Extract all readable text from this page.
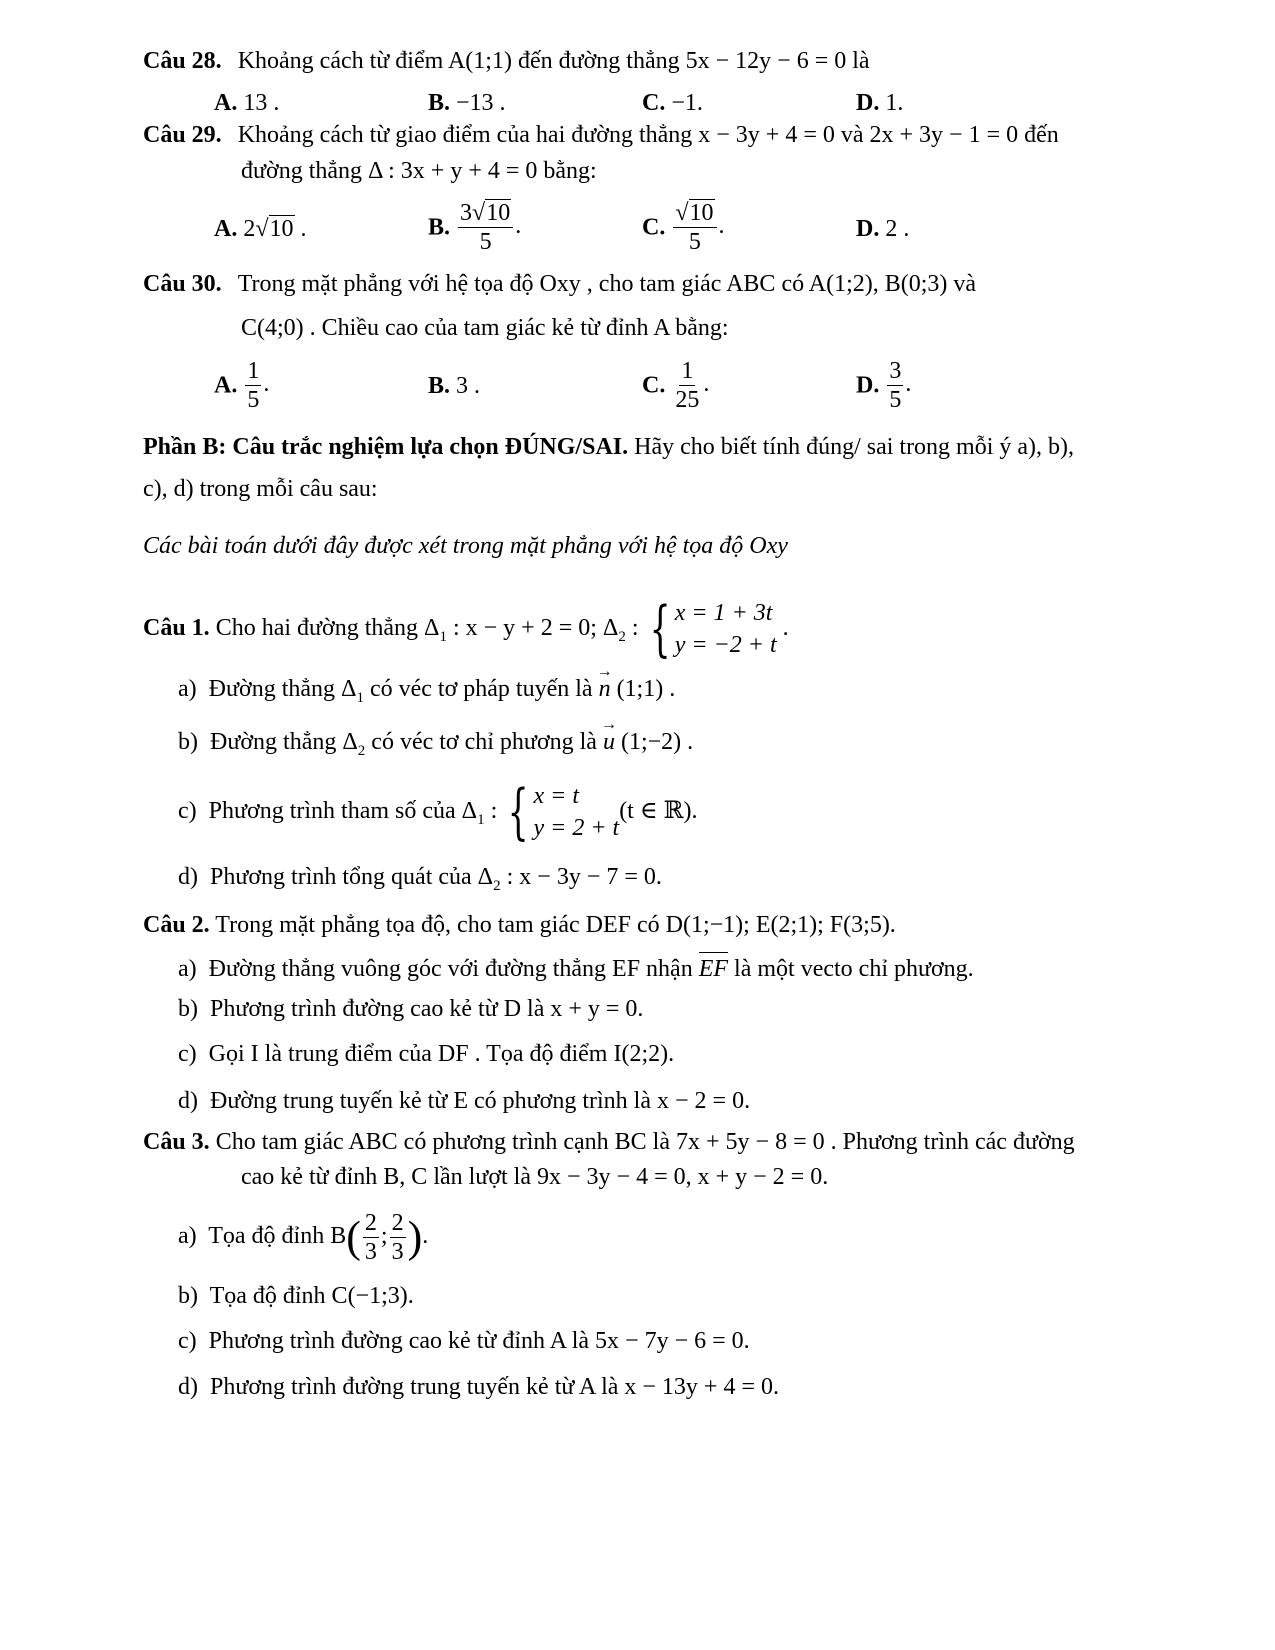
Câu 28. Khoảng cách từ điểm A(1;1) đến đường thẳng 5x − 12y − 6 = 0 là
A. 13 .	B. −13 .	C. −1.	D. 1.
Câu 29. Khoảng cách từ giao điểm của hai đường thẳng x − 3y + 4 = 0 và 2x + 3y − 1 = 0 đến
đường thẳng Δ : 3x + y + 4 = 0 bằng:
A. 2√10 .	B. $\frac{3√10}{5}$ .	C. $\frac{√10}{5}$ .	D. 2 .
Câu 30. Trong mặt phẳng với hệ tọa độ Oxy , cho tam giác ABC có A(1;2), B(0;3) và
C(4;0) . Chiều cao của tam giác kẻ từ đỉnh A bằng:
A. $\frac{1}{5}$ .	B. 3 .	C. $\frac{1}{25}$ .	D. $\frac{3}{5}$ .
Phần B: Câu trắc nghiệm lựa chọn ĐÚNG/SAI. Hãy cho biết tính đúng/ sai trong mỗi ý a), b),
c), d) trong mỗi câu sau:
Các bài toán dưới đây được xét trong mặt phẳng với hệ tọa độ Oxy
Câu 1. Cho hai đường thẳng $\Delta_1$ : x − y + 2 = 0; $\Delta_2$ : { x = 1 + 3t
y = −2 + t
.
a) Đường thẳng $\Delta_1$ có véc tơ pháp tuyến là → n (1;1) .
b) Đường thẳng $\Delta_2$ có véc tơ chỉ phương là → u (1;−2) .
c) Phương trình tham số của $\Delta_1$ : { x = t
y = 2 + t
(t ∈ ℝ).
d) Phương trình tổng quát của $\Delta_2$ : x − 3y − 7 = 0.
Câu 2. Trong mặt phẳng tọa độ, cho tam giác DEF có D(1;−1); E(2;1); F(3;5).
a) Đường thẳng vuông góc với đường thẳng EF nhận EF là một vecto chỉ phương.
b) Phương trình đường cao kẻ từ D là x + y = 0.
c) Gọi I là trung điểm của DF . Tọa độ điểm I(2;2).
d) Đường trung tuyến kẻ từ E có phương trình là x − 2 = 0.
Câu 3. Cho tam giác ABC có phương trình cạnh BC là 7x + 5y − 8 = 0 . Phương trình các đường
cao kẻ từ đỉnh B, C lần lượt là 9x − 3y − 4 = 0, x + y − 2 = 0.
a) Tọa độ đỉnh $B( \frac{2}{3}$ ; $\frac{2}{3}$ ).
b) Tọa độ đỉnh C(−1;3).
c) Phương trình đường cao kẻ từ đỉnh A là 5x − 7y − 6 = 0.
d) Phương trình đường trung tuyến kẻ từ A là x − 13y + 4 = 0.
